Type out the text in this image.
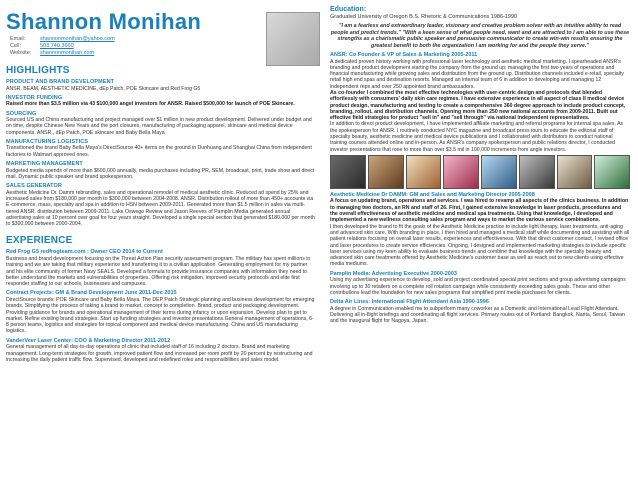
Shannon Monihan
Email:	shannonmonihan@yahoo.com
Cell:	503.740.3660
Website:	shannonmonihan.com
HIGHLIGHTS
PRODUCT AND BRAND DEVELOPMENT

ANSR. BEAM, AESTHETIC MEDICINE, dEp Patch, POE Skincare and Red Frog G5

INVESTOR FUNDING

Raised more than $3.5 million via 43 $100,000 angel investors for ANSR. Raised $500,000 for launch of POE Skincare.

SOURCING

Sourced US and China manufacturing and project managed over $1 million in new product development. Delivered under budget and on time, despite Chinese New Years and the port closures, manufacturing of packaging apparel, skincare and medical device components. ANSR., dEp Patch, POE skincare and Baby Bella Maya

MANUFACTURING LOGISTICS

Transitioned the brand Baby Bella Maya's DirectSource 40+ items on the ground in Dunhuang and Shanghai China from independent factories to Walmart approved ones.

MARKETING MANAGEMENT

Budgeted media spends of more than $600,000 annually, media purchases including PR, SEM, broadcast, print, trade show and direct mail. Dynamic public speaker and brand spokesperson.

SALES GENERATOR

Aesthetic Medicine Dr. Damm rebranding, sales and operational remodel of medical aesthetic clinic. Reduced ad spend by 25% and increased sales from $180,000 per month to $300,000 between 2004-2008. ANSR. Distribution rollout of more than 450+ accounts via E-commerce, mass, specialty and spa in addition to HSN between 2009-2011. Generated more than $1.5 million in sales via multi-tiered ANSR. distribution between 2009-2011. Lake Oswego Review and Jason Reeves of Pamplin Media generated annual advertising sales at 10 percent over goal for four years straight. Developed a single special section that generated $180,000 per month to $300,000 between 2000-2004.

EXPERIENCE
Red Frog G5 redfrogteam.com : Owner CEO 2014 to Current

Business and brand development focusing on the Threat Action Plan security assessment program. The military has spent millions in training and we are taking that military experience and transferring it to a civilian application. Generating employment for my partner and his elite community of former Navy SEALS. Developed a formula to provide insurance companies with information they need to better understand the markets and vulnerabilities of properties. Offering risk mitigation, improved security protocols and elite first responder staffing to our schools, businesses and campuses.

Contract Projects: GM & Brand Development June 2011-Dec 2015

DirectSource brands: POE Skincare and Baby Bella Maya. The DEP Patch Strategic planning and business development for emerging brands. Simplifying the process of taking a brand to market, concept to completion. Brand, product and packaging development. Providing guidance for brands and operational management of their terms during infancy or upon expansion. Develop plan to get to market. Refine existing brand strategies. Start up funding strategies and investor presentations.General management of operations, 6-8 person teams, logistics and strategies for topical component and medical device manufacturing. China and US manufacturing logistics.

VanderVeer Laser Center: COO & Marketing Director 2011-2012

General management of all day-to-day operations of clinic that included staff of 16 including 2 doctors. Brand and marketing management. Long-term strategies for growth, improved patient flow and increased per room profit by 20 percent by restructuring and increasing the daily patient traffic flow. Supervised, developed and redefined roles and responsibilities and sales model.

Education:
Graduated University of Oregon B.S. Rhetoric & Communications 1986-1990

"I am a fearless and extraordinary leader, visionary and creative problem solver with an intuitive ability to read people and predict trends." "With a keen sense of what people need, want and are attracted to I am able to use these strengths as a charismatic public speaker and persuasive communicator to create win-win results ensuring the greatest benefit to both the organization I am working for and the people they serve."

ANSR: Co Founder & VP of Sales & Marketing 2005-2011

A dedicated proven history working with professional laser technology and aesthetic medical marketing. I spearheaded ANSR's branding and product development starting the company from the ground up; managing the first two years of operations and financial manufacturing while growing sales and distribution from the ground up. Distribution channels included e-retail, specialty retail high end spas and destination resorts. Managed an internal team of 6 in addition to developing and managing 12 independent reps and over 250 appointed brand ambassadors.

As co-founder I combined the most effective technologies with user-centric design and protocols that blended effortlessly with consumers' daily skin care regimes. I have extensive experience in all aspect of class II medical device product design, manufacturing and testing to create a comprehensive 360 degree approach to include product concept, branding, rollout, and distribution channels. Opening more than 250 new national accounts from 2009-2011. Built out effective field strategies for product "sell in" and "sell through" via national independent representatives.

In addition to direct product development, I have implemented affiliate marketing and referral programs for internal spa sales. As the spokesperson for ANSR. I routinely conducted NYC magazine and broadcast press tours to educate the editorial staff of specialty beauty, aesthetic medicine and medical device publications and I collaborated with distributors to conduct national training courses attended online and in-person. As ANSR's company spokesperson and public relations director, I conducted investor presentations that rose to more than over $3.5 mil in 100,000 increments from angle investors.

Aesthetic Medicine Dr DAMM: GM and Sales and Marketing Director 2005-2008

A focus on updating brand, operations and services. I was hired to revamp all aspects of the clinics business. In addition to managing two doctors, an RN and staff of 26. First, I gained extensive knowledge in laser products, procedures and the overall effectiveness of aesthetic medicine and medical spa treatments. Using that knowledge, I developed and implemented a new wellness consulting sales program and ways to market the various service combinations.

I then developed the brand to fit the goals of the Aesthetic Medicine practice to include light therapy, laser treatments, anti-aging and advanced skin care. With branding in place, I then hired and managed a medical staff while documenting and assisting with all patient relations focusing on overall laser results, experiences and effectiveness. With that direct customer contact, I revised office and laser procedures to create service efficiencies. Ongoing, I designed and implemented marketing strategies to include specific laser services using my keen ability to evaluate business trends and combine that knowledge with the specialty beauty and advanced skin care treatments offered by Aesthetic Medicine's customer base as well as reach out to new clients using effective media mediums.

Pamplin Media: Advertising Executive 2000-2003

Using my advertising experience to develop, sold and project coordinated special print sections and group advertising campaigns involving up to 30 retailers on a complete roll rotation campaign while consistently exceeding sales goals. These and other contributions lead the foundation for new sales programs that simplified print media purchases for clients.

Delta Air Lines: International Flight Attendant Asia 1990-1996

A degree in Communication enabled me to subperform many coworker as a Domestic and International Lead Flight Attendant. Delivering all in-flight briefings and coordinating all flight services. Primary routes out of Portland: Bangkok, Narita, Seoul, Taiwan and the inaugural flight for Nagoya, Japan.
